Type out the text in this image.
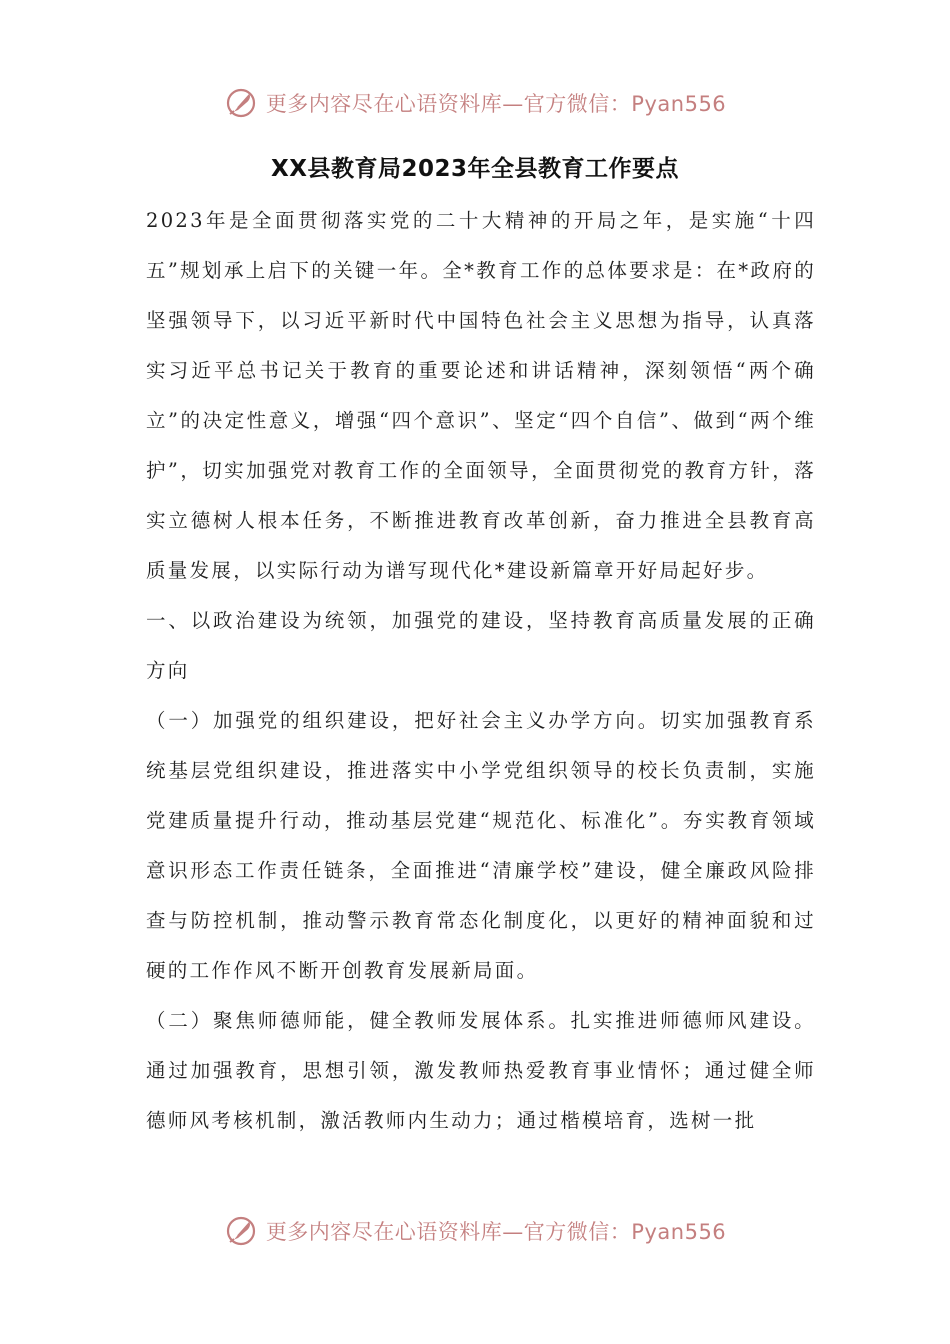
更多内容尽在心语资料库—官方微信：Pyan556
XX县教育局2023年全县教育工作要点

2023年是全面贯彻落实党的二十大精神的开局之年，是实施“十四五”规划承上启下的关键一年。全*教育工作的总体要求是：在*政府的坚强领导下，以习近平新时代中国特色社会主义思想为指导，认真落实习近平总书记关于教育的重要论述和讲话精神，深刻领悟“两个确立”的决定性意义，增强“四个意识”、坚定“四个自信”、做到“两个维护”，切实加强党对教育工作的全面领导，全面贯彻党的教育方针，落实立德树人根本任务，不断推进教育改革创新，奋力推进全县教育高质量发展，以实际行动为谱写现代化*建设新篇章开好局起好步。

一、以政治建设为统领，加强党的建设，坚持教育高质量发展的正确方向

（一）加强党的组织建设，把好社会主义办学方向。切实加强教育系统基层党组织建设，推进落实中小学党组织领导的校长负责制，实施党建质量提升行动，推动基层党建“规范化、标准化”。夯实教育领域意识形态工作责任链条，全面推进“清廉学校”建设，健全廉政风险排查与防控机制，推动警示教育常态化制度化，以更好的精神面貌和过硬的工作作风不断开创教育发展新局面。

（二）聚焦师德师能，健全教师发展体系。扎实推进师德师风建设。通过加强教育，思想引领，激发教师热爱教育事业情怀；通过健全师德师风考核机制，激活教师内生动力；通过楷模培育，选树一批

更多内容尽在心语资料库—官方微信：Pyan556
